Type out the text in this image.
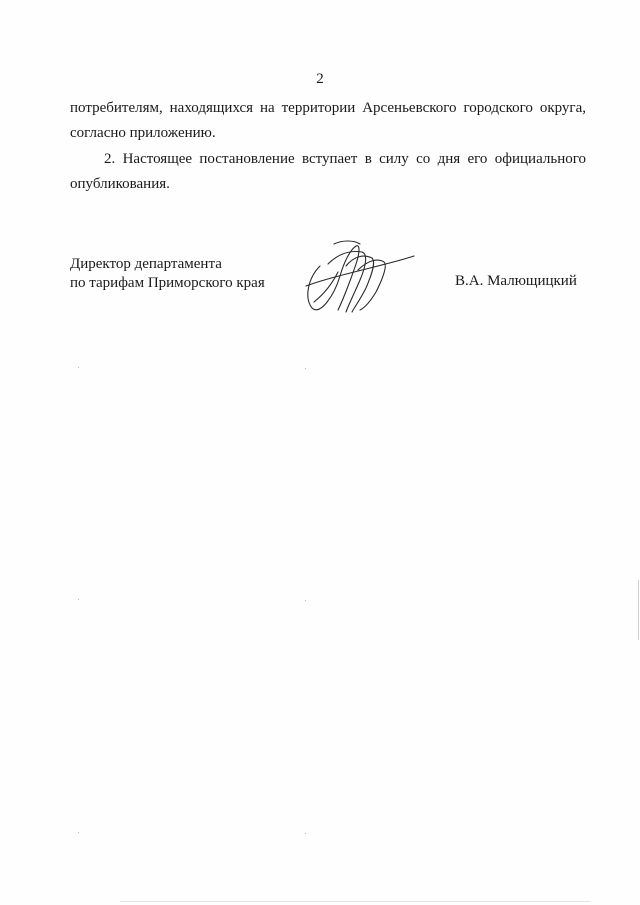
2
потребителям, находящихся на территории Арсеньевского городского округа,
согласно приложению.
2. Настоящее постановление вступает в силу со дня его официального
опубликования.
Директор департамента
по тарифам Приморского края	В.А. Малющицкий
